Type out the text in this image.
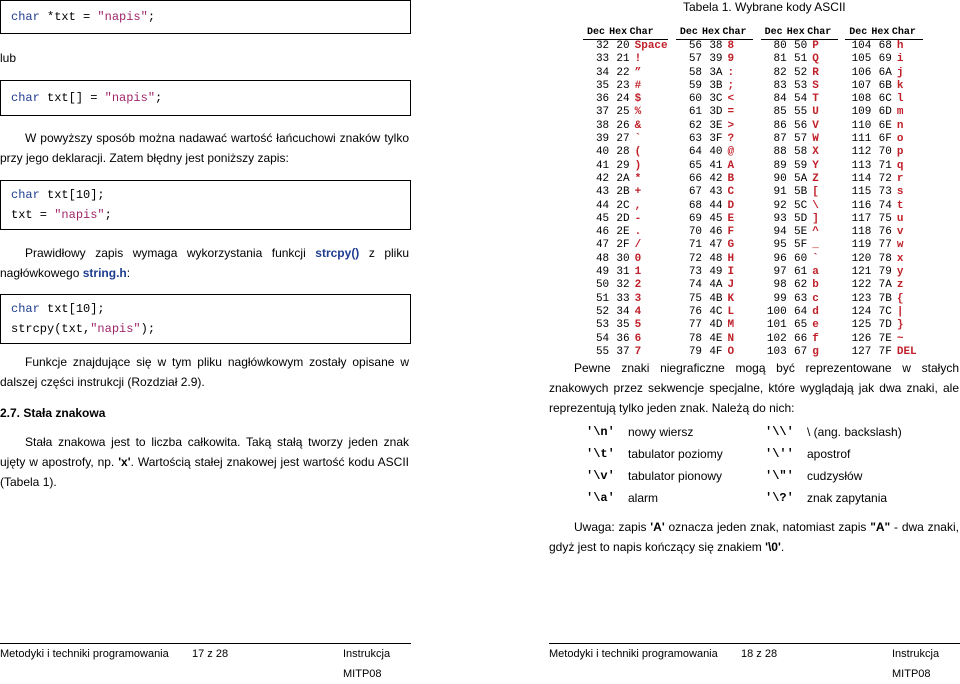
char *txt = "napis";
lub
char txt[] = "napis";
W powyższy sposób można nadawać wartość łańcuchowi znaków tylko przy jego deklaracji. Zatem błędny jest poniższy zapis:
char txt[10];
txt = "napis";
Prawidłowy zapis wymaga wykorzystania funkcji strcpy() z pliku nagłówkowego string.h:
char txt[10];
strcpy(txt,"napis");
Funkcje znajdujące się w tym pliku nagłówkowym zostały opisane w dalszej części instrukcji (Rozdział 2.9).
2.7. Stała znakowa
Stała znakowa jest to liczba całkowita. Taką stałą tworzy jeden znak ujęty w apostrofy, np. 'x'. Wartością stałej znakowej jest wartość kodu ASCII (Tabela 1).
Metodyki i techniki programowania 17 z 28	Instrukcja MITP08
Tabela 1. Wybrane kody ASCII
Dec	Hex	Char		Dec	Hex	Char		Dec	Hex	Char		Dec	Hex	Char
32	20	Space		56	38	8		80	50	P		104	68	h
33	21	!		57	39	9		81	51	Q		105	69	i
34	22	”		58	3A	:		82	52	R		106	6A	j
35	23	#		59	3B	;		83	53	S		107	6B	k
36	24	$		60	3C	<		84	54	T		108	6C	l
37	25	%		61	3D	=		85	55	U		109	6D	m
38	26	&		62	3E	>		86	56	V		110	6E	n
39	27	`		63	3F	?		87	57	W		111	6F	o
40	28	(		64	40	@		88	58	X		112	70	p
41	29	)		65	41	A		89	59	Y		113	71	q
42	2A	*		66	42	B		90	5A	Z		114	72	r
43	2B	+		67	43	C		91	5B	[		115	73	s
44	2C	,		68	44	D		92	5C	\		116	74	t
45	2D	-		69	45	E		93	5D	]		117	75	u
46	2E	.		70	46	F		94	5E	^		118	76	v
47	2F	/		71	47	G		95	5F	_		119	77	w
48	30	0		72	48	H		96	60	`		120	78	x
49	31	1		73	49	I		97	61	a		121	79	y
50	32	2		74	4A	J		98	62	b		122	7A	z
51	33	3		75	4B	K		99	63	c		123	7B	{
52	34	4		76	4C	L		100	64	d		124	7C	|
53	35	5		77	4D	M		101	65	e		125	7D	}
54	36	6		78	4E	N		102	66	f		126	7E	~
55	37	7		79	4F	O		103	67	g		127	7F	DEL
Pewne znaki niegraficzne mogą być reprezentowane w stałych znakowych przez sekwencje specjalne, które wyglądają jak dwa znaki, ale reprezentują tylko jeden znak. Należą do nich:
Uwaga: zapis 'A' oznacza jeden znak, natomiast zapis "A" - dwa znaki, gdyż jest to napis kończący się znakiem '\0'.
Metodyki i techniki programowania 18 z 28	Instrukcja MITP08
'\n' nowy wiersz	'\\' \ (ang. backslash)
'\t' tabulator poziomy	'\'' apostrof
'\v' tabulator pionowy	'\"' cudzysłów
'\a' alarm	'\?' znak zapytania
